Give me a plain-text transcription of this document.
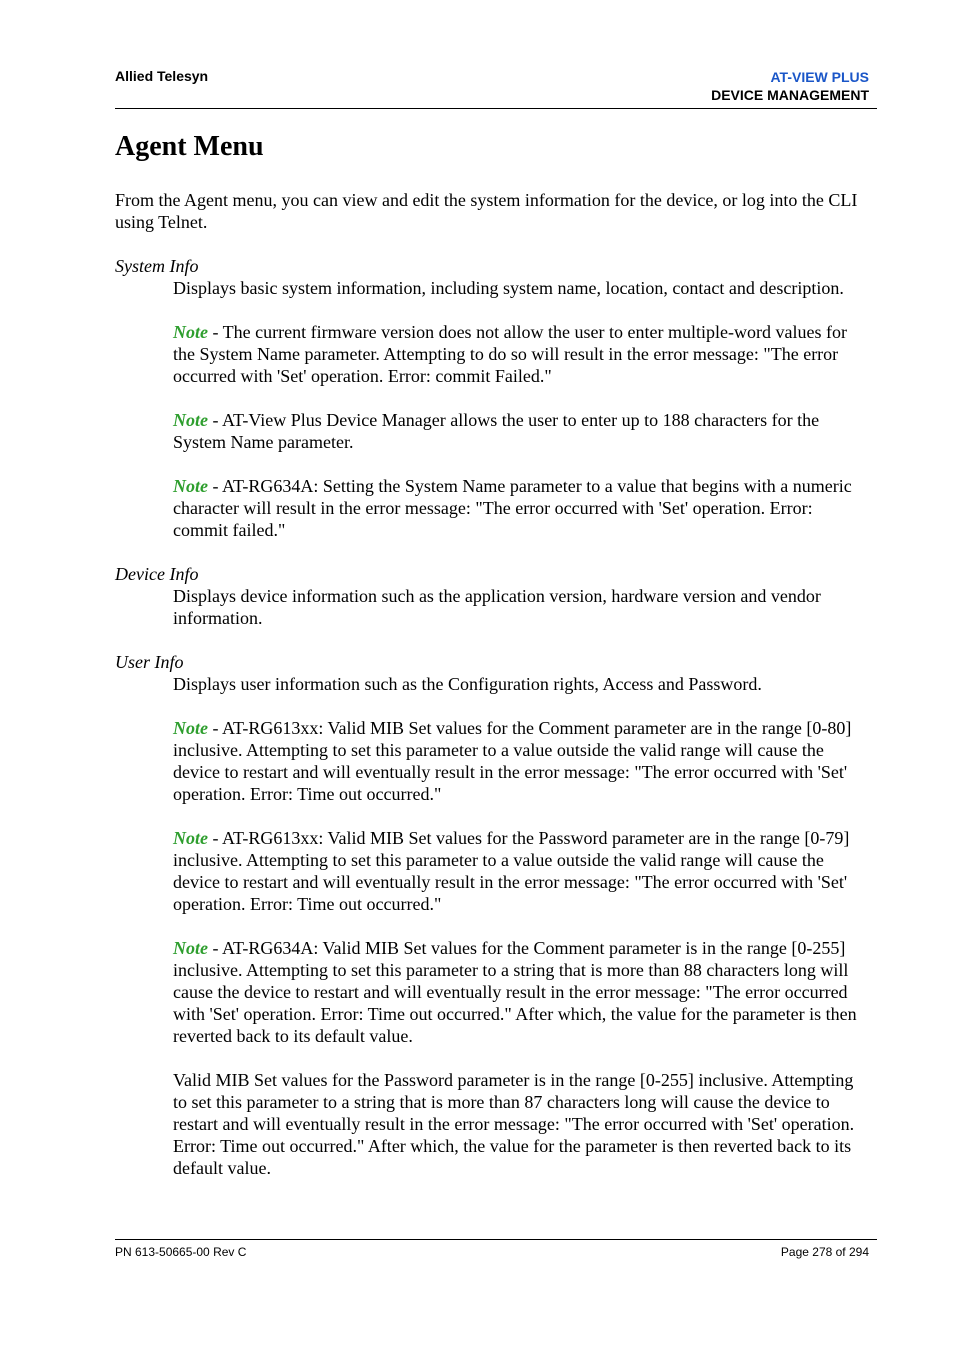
Allied Telesyn	AT-VIEW PLUS
DEVICE MANAGEMENT
Agent Menu

From the Agent menu, you can view and edit the system information for the device, or log into the CLI using Telnet.

System Info

Displays basic system information, including system name, location, contact and description.

Note - The current firmware version does not allow the user to enter multiple-word values for the System Name parameter. Attempting to do so will result in the error message: "The error occurred with 'Set' operation. Error: commit Failed."

Note - AT-View Plus Device Manager allows the user to enter up to 188 characters for the System Name parameter.

Note - AT-RG634A: Setting the System Name parameter to a value that begins with a numeric character will result in the error message: "The error occurred with 'Set' operation. Error: commit failed."

Device Info

Displays device information such as the application version, hardware version and vendor information.

User Info

Displays user information such as the Configuration rights, Access and Password.

Note - AT-RG613xx: Valid MIB Set values for the Comment parameter are in the range [0-80] inclusive. Attempting to set this parameter to a value outside the valid range will cause the device to restart and will eventually result in the error message: "The error occurred with 'Set' operation. Error: Time out occurred."

Note - AT-RG613xx: Valid MIB Set values for the Password parameter are in the range [0-79] inclusive. Attempting to set this parameter to a value outside the valid range will cause the device to restart and will eventually result in the error message: "The error occurred with 'Set' operation. Error: Time out occurred."

Note - AT-RG634A: Valid MIB Set values for the Comment parameter is in the range [0-255] inclusive. Attempting to set this parameter to a string that is more than 88 characters long will cause the device to restart and will eventually result in the error message: "The error occurred with 'Set' operation. Error: Time out occurred." After which, the value for the parameter is then reverted back to its default value.

Valid MIB Set values for the Password parameter is in the range [0-255] inclusive. Attempting to set this parameter to a string that is more than 87 characters long will cause the device to restart and will eventually result in the error message: "The error occurred with 'Set' operation. Error: Time out occurred." After which, the value for the parameter is then reverted back to its default value.

PN 613-50665-00 Rev C	Page 278 of 294
